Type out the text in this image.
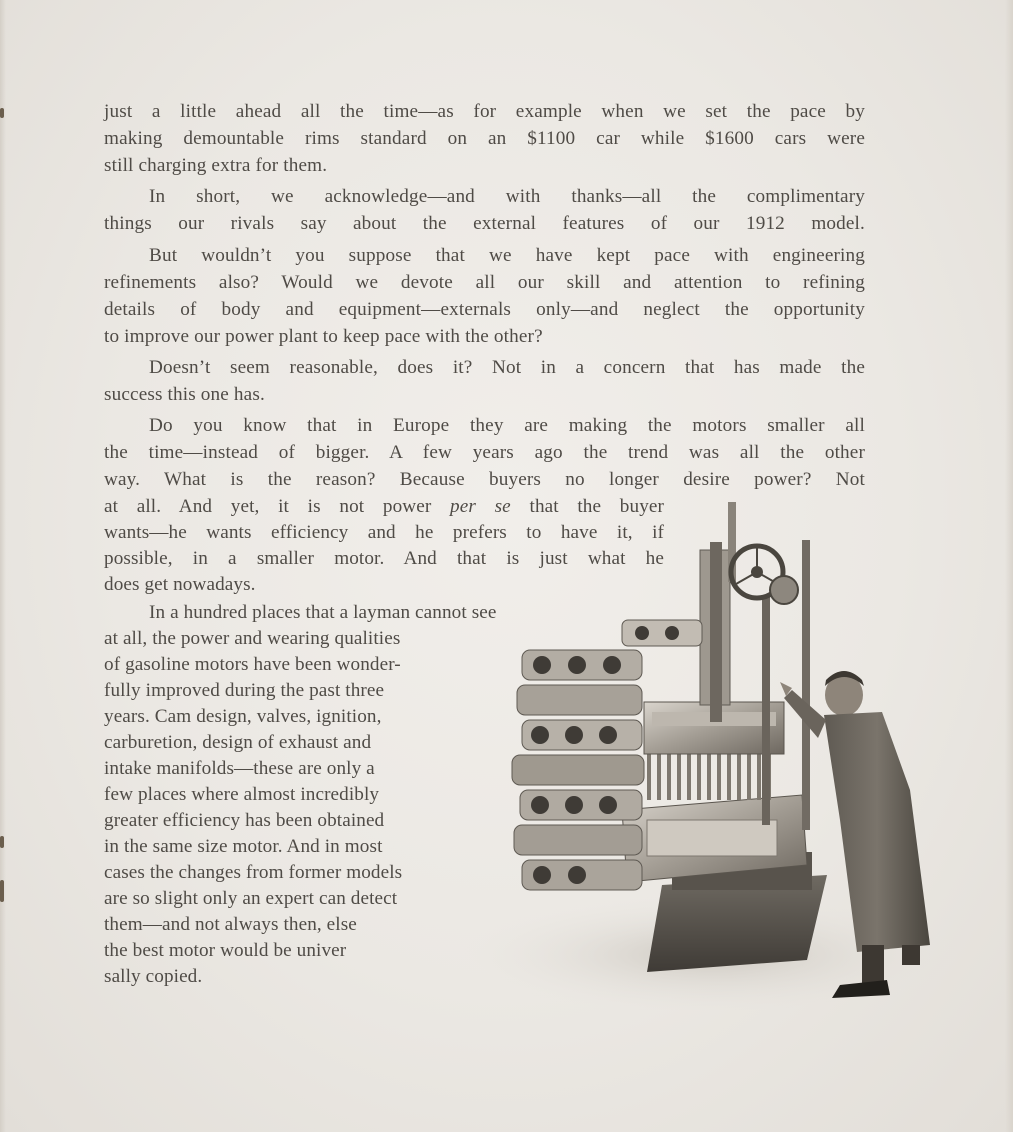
just a little ahead all the time—as for example when we set the pace by
making demountable rims standard on an $1100 car while $1600 cars were
still charging extra for them.
In short, we acknowledge—and with thanks—all the complimentary
things our rivals say about the external features of our 1912 model.
But wouldn’t you suppose that we have kept pace with engineering
refinements also? Would we devote all our skill and attention to refining
details of body and equipment—externals only—and neglect the opportunity
to improve our power plant to keep pace with the other?
Doesn’t seem reasonable, does it? Not in a concern that has made the
success this one has.
Do you know that in Europe they are making the motors smaller all
the time—instead of bigger. A few years ago the trend was all the other
way. What is the reason? Because buyers no longer desire power? Not
at all. And yet, it is not power per se that the buyer
wants—he wants efficiency and he prefers to have it, if
possible, in a smaller motor. And that is just what he
does get nowadays.
In a hundred places that a layman cannot see
at all, the power and wearing qualities
of gasoline motors have been wonder-
fully improved during the past three
years. Cam design, valves, ignition,
carburetion, design of exhaust and
intake manifolds—these are only a
few places where almost incredibly
greater efficiency has been obtained
in the same size motor. And in most
cases the changes from former models
are so slight only an expert can detect
them—and not always then, else
the best motor would be univer
sally copied.
